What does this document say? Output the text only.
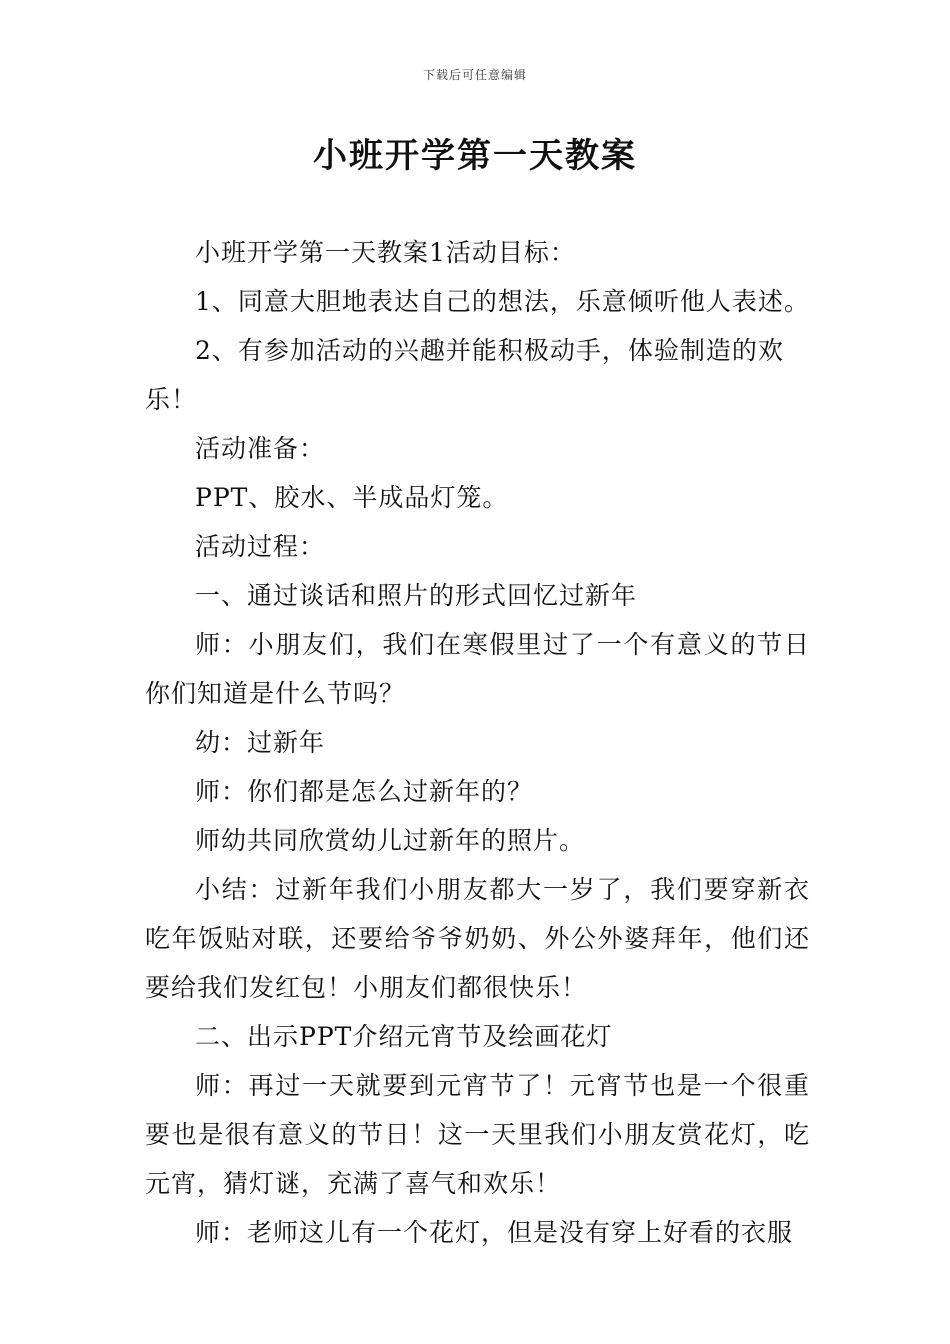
下载后可任意编辑
小班开学第一天教案

小班开学第一天教案1活动目标：

1、同意大胆地表达自己的想法，乐意倾听他人表述。

2、有参加活动的兴趣并能积极动手，体验制造的欢乐！

活动准备：

PPT、胶水、半成品灯笼。

活动过程：

一、通过谈话和照片的形式回忆过新年

师：小朋友们，我们在寒假里过了一个有意义的节日你们知道是什么节吗？

幼：过新年

师：你们都是怎么过新年的？

师幼共同欣赏幼儿过新年的照片。

小结：过新年我们小朋友都大一岁了，我们要穿新衣吃年饭贴对联，还要给爷爷奶奶、外公外婆拜年，他们还要给我们发红包！小朋友们都很快乐！

二、出示PPT介绍元宵节及绘画花灯

师：再过一天就要到元宵节了！元宵节也是一个很重要也是很有意义的节日！这一天里我们小朋友赏花灯，吃元宵，猜灯谜，充满了喜气和欢乐！

师：老师这儿有一个花灯，但是没有穿上好看的衣服
